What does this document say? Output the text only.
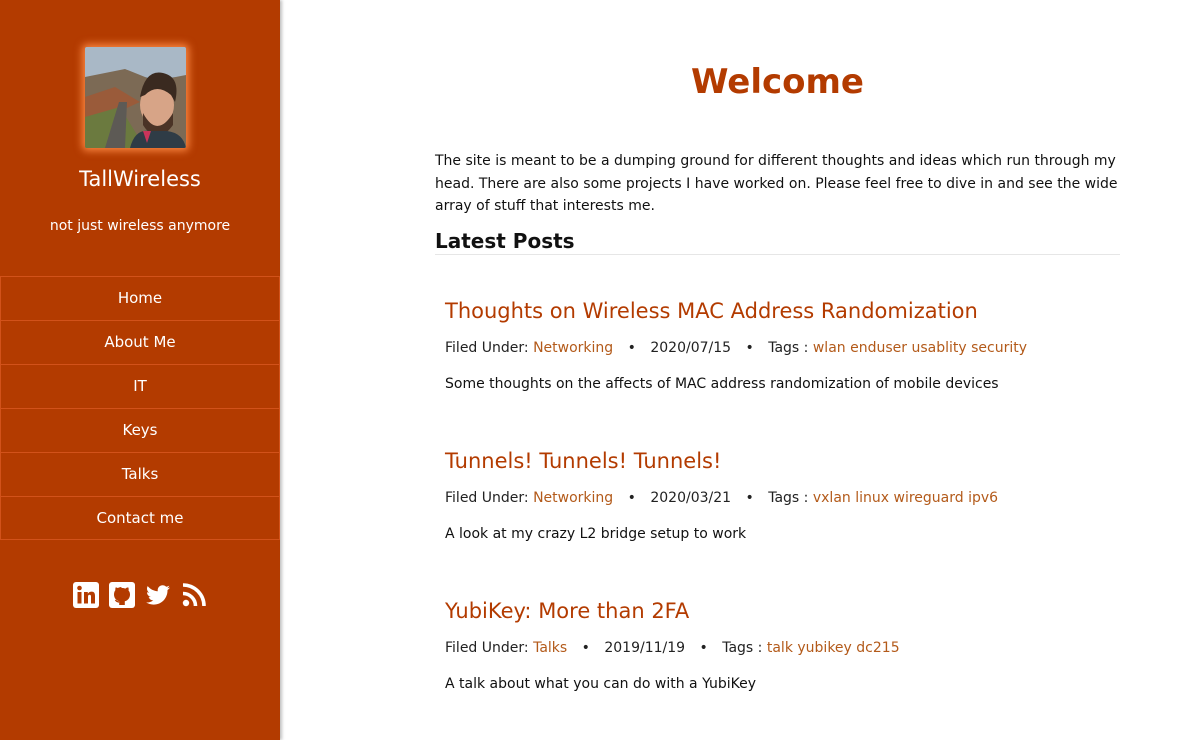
TallWireless
not just wireless anymore
Home
About Me
IT
Keys
Talks
Contact me
Welcome

The site is meant to be a dumping ground for different thoughts and ideas which run through my head. There are also some projects I have worked on. Please feel free to dive in and see the wide array of stuff that interests me.

Latest Posts
Thoughts on Wireless MAC Address Randomization
Filed Under: Networking • 2020/07/15 • Tags : wlan enduser usablity security

Some thoughts on the affects of MAC address randomization of mobile devices

Tunnels! Tunnels! Tunnels!
Filed Under: Networking • 2020/03/21 • Tags : vxlan linux wireguard ipv6

A look at my crazy L2 bridge setup to work

YubiKey: More than 2FA
Filed Under: Talks • 2019/11/19 • Tags : talk yubikey dc215

A talk about what you can do with a YubiKey
